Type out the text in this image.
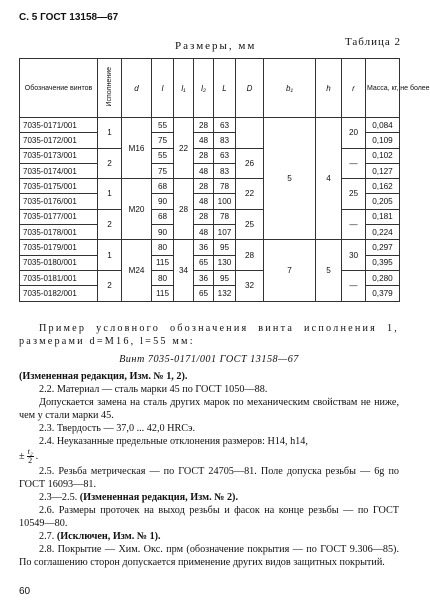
С. 5 ГОСТ 13158—67
Размеры, мм	Таблица 2
Обозначение винтов	Исполнение	d	l	l₁	l₂	L	D	b₁	h	r	Масса, кг, не более
7035-0171/001	1	M16	55	22	28	63		5	4	20	0,084
7035-0172/001			75		48	83					0,109
7035-0173/001	2		55		28	63	26			—	0,102
7035-0174/001			75		48	83					0,127
7035-0175/001	1	M20	68	28	28	78	22			25	0,162
7035-0176/001			90		48	100					0,205
7035-0177/001	2		68		28	78	25			—	0,181
7035-0178/001			90		48	107					0,224
7035-0179/001	1	M24	80	34	36	95	28	7	5	30	0,297
7035-0180/001			115		65	130					0,395
7035-0181/001	2		80		36	95	32			—	0,280
7035-0182/001			115		65	132					0,379

Пример условного обозначения винта исполнения 1, размерами d=M16, l=55 мм:

Винт 7035-0171/001 ГОСТ 13158—67

(Измененная редакция, Изм. № 1, 2).

2.2. Материал — сталь марки 45 по ГОСТ 1050—88.

Допускается замена на сталь других марок по механическим свойствам не ниже, чем у стали марки 45.

2.3. Твердость — 37,0 ... 42,0 HRCэ.

2.4. Неуказанные предельные отклонения размеров: H14, h14,

± $\frac{\text{t₂}}{2}$ .

2.5. Резьба метрическая — по ГОСТ 24705—81. Поле допуска резьбы — 6g по ГОСТ 16093—81.

2.3—2.5. (Измененная редакция, Изм. № 2).

2.6. Размеры проточек на выход резьбы и фасок на конце резьбы — по ГОСТ 10549—80.

2.7. (Исключен, Изм. № 1).

2.8. Покрытие — Хим. Окс. прм (обозначение покрытия — по ГОСТ 9.306—85). По соглашению сторон допускается применение других видов защитных покрытий.

60
